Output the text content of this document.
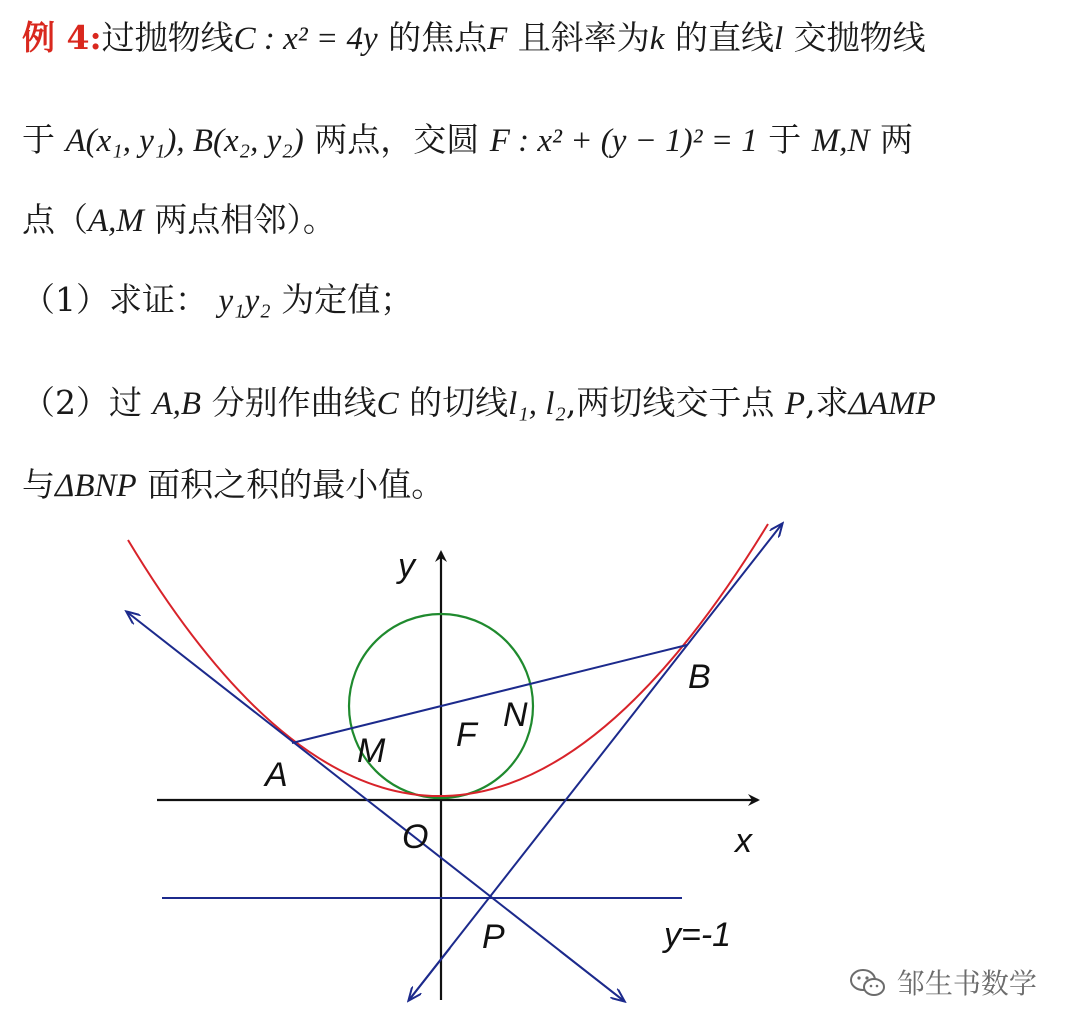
例 4:过抛物线C : x² = 4y 的焦点F 且斜率为k 的直线l 交抛物线
于 A(x₁, y₁), B(x₂, y₂) 两点，交圆 F : x² + (y − 1)² = 1 于 M,N 两
点（A,M 两点相邻）。
（1）求证： y₁y₂ 为定值；
（2）过 A,B 分别作曲线C 的切线l₁, l₂,两切线交于点 P,求ΔAMP
与ΔBNP 面积之积的最小值。
y
x
O
A
B
M
N
F
P	y=-1
邹生书数学
